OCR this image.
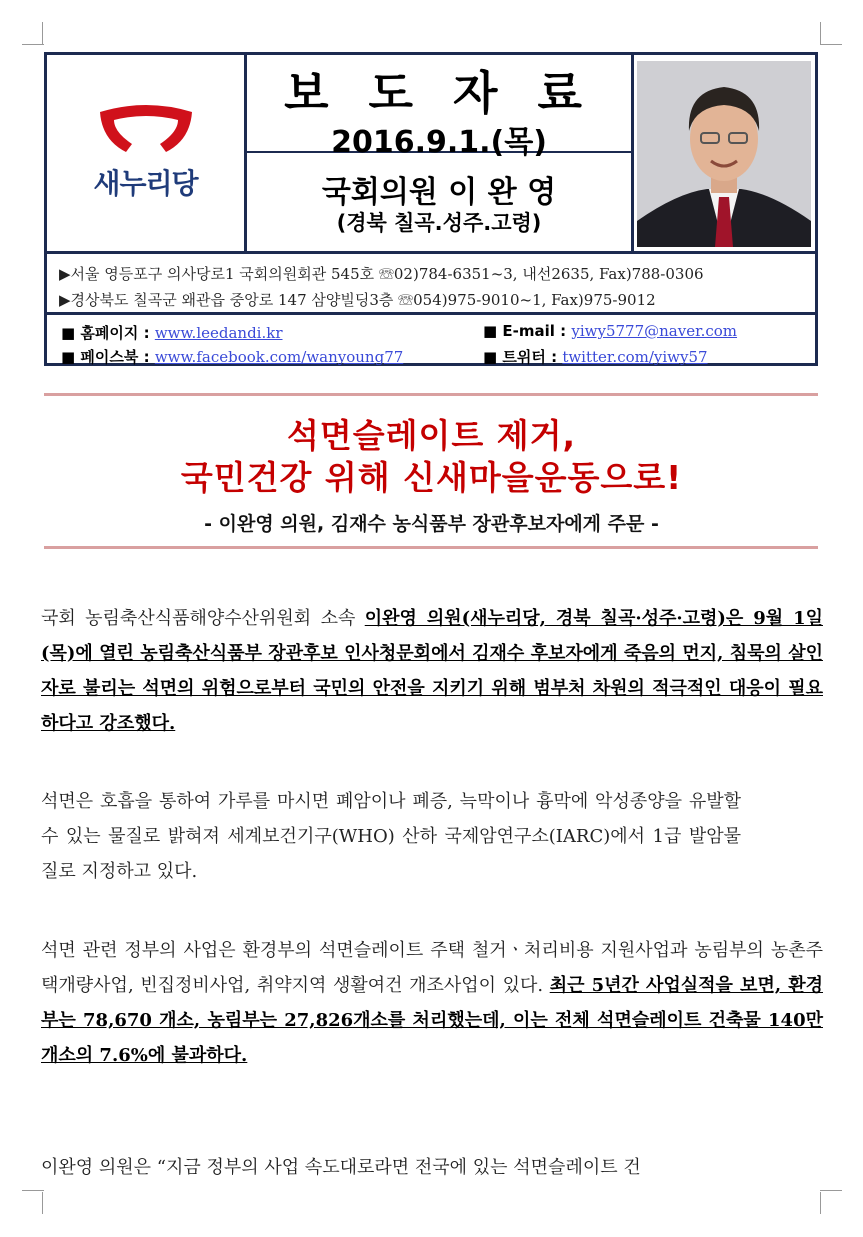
새누리당
보 도 자 료
2016.9.1.(목)
국회의원 이 완 영
(경북 칠곡.성주.고령)
▶서울 영등포구 의사당로1 국회의원회관 545호 ☏02)784-6351~3, 내선2635, Fax)788-0306
▶경상북도 칠곡군 왜관읍 중앙로 147 삼양빌딩3층 ☏054)975-9010~1, Fax)975-9012
■ 홈페이지 : www.leedandi.kr	■ E-mail : yiwy5777@naver.com
■ 페이스북 : www.facebook.com/wanyoung77	■ 트위터 : twitter.com/yiwy57
석면슬레이트 제거,
국민건강 위해 신새마을운동으로!
- 이완영 의원, 김재수 농식품부 장관후보자에게 주문 -
국회 농림축산식품해양수산위원회 소속 이완영 의원(새누리당, 경북 칠곡·성주·고령)은 9월 1일(목)에 열린 농림축산식품부 장관후보 인사청문회에서 김재수 후보자에게 죽음의 먼지, 침묵의 살인자로 불리는 석면의 위험으로부터 국민의 안전을 지키기 위해 범부처 차원의 적극적인 대응이 필요하다고 강조했다.
석면은 호흡을 통하여 가루를 마시면 폐암이나 폐증, 늑막이나 흉막에 악성종양을 유발할 수 있는 물질로 밝혀져 세계보건기구(WHO) 산하 국제암연구소(IARC)에서 1급 발암물질로 지정하고 있다.
석면 관련 정부의 사업은 환경부의 석면슬레이트 주택 철거ㆍ처리비용 지원사업과 농림부의 농촌주택개량사업, 빈집정비사업, 취약지역 생활여건 개조사업이 있다. 최근 5년간 사업실적을 보면, 환경부는 78,670 개소, 농림부는 27,826개소를 처리했는데, 이는 전체 석면슬레이트 건축물 140만 개소의 7.6%에 불과하다.
이완영 의원은 “지금 정부의 사업 속도대로라면 전국에 있는 석면슬레이트 건
